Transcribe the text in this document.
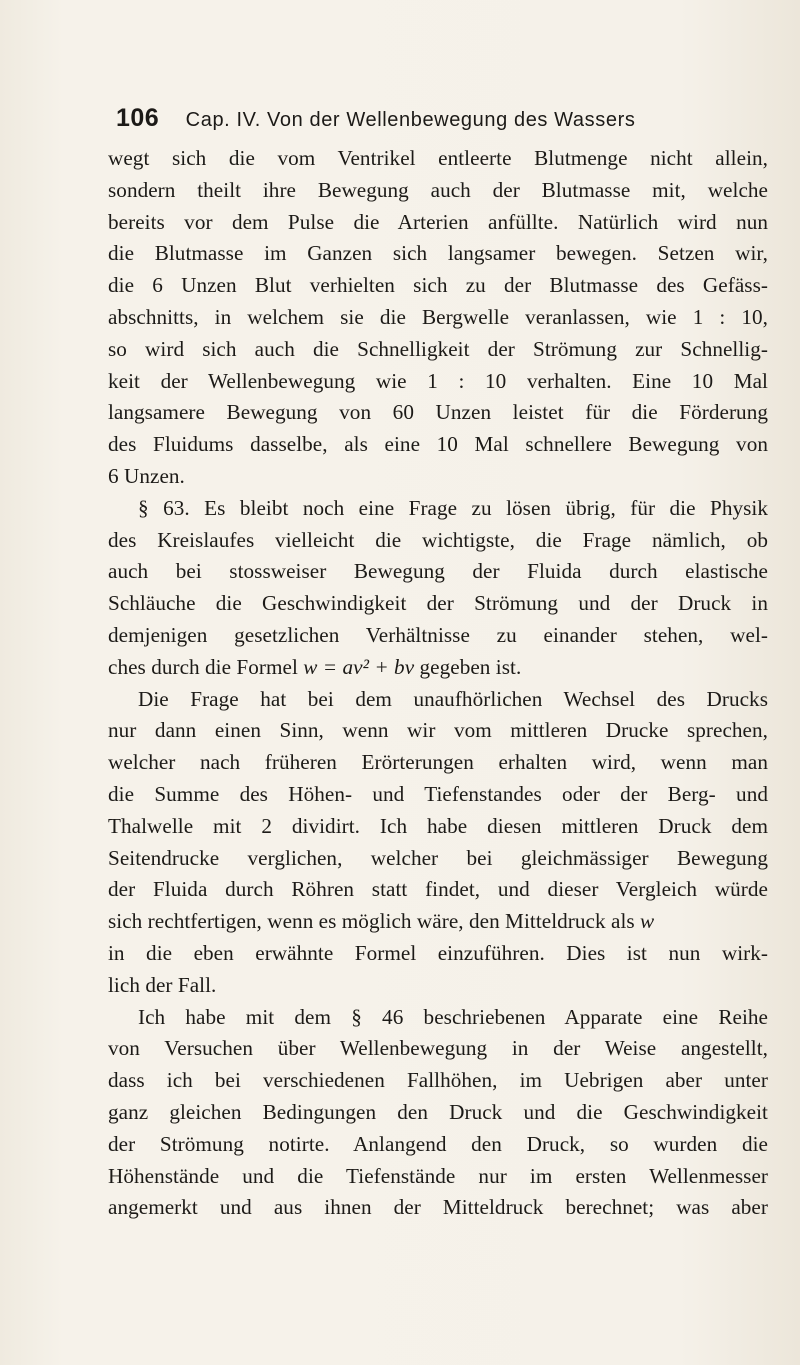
106 Cap. IV. Von der Wellenbewegung des Wassers
wegt sich die vom Ventrikel entleerte Blutmenge nicht allein,
sondern theilt ihre Bewegung auch der Blutmasse mit, welche
bereits vor dem Pulse die Arterien anfüllte. Natürlich wird nun
die Blutmasse im Ganzen sich langsamer bewegen. Setzen wir,
die 6 Unzen Blut verhielten sich zu der Blutmasse des Gefäss-
abschnitts, in welchem sie die Bergwelle veranlassen, wie 1 : 10,
so wird sich auch die Schnelligkeit der Strömung zur Schnellig-
keit der Wellenbewegung wie 1 : 10 verhalten. Eine 10 Mal
langsamere Bewegung von 60 Unzen leistet für die Förderung
des Fluidums dasselbe, als eine 10 Mal schnellere Bewegung von
6 Unzen.
§ 63. Es bleibt noch eine Frage zu lösen übrig, für die Physik
des Kreislaufes vielleicht die wichtigste, die Frage nämlich, ob
auch bei stossweiser Bewegung der Fluida durch elastische
Schläuche die Geschwindigkeit der Strömung und der Druck in
demjenigen gesetzlichen Verhältnisse zu einander stehen, wel-
ches durch die Formel w = av² + bv gegeben ist.
Die Frage hat bei dem unaufhörlichen Wechsel des Drucks
nur dann einen Sinn, wenn wir vom mittleren Drucke sprechen,
welcher nach früheren Erörterungen erhalten wird, wenn man
die Summe des Höhen- und Tiefenstandes oder der Berg- und
Thalwelle mit 2 dividirt. Ich habe diesen mittleren Druck dem
Seitendrucke verglichen, welcher bei gleichmässiger Bewegung
der Fluida durch Röhren statt findet, und dieser Vergleich würde
sich rechtfertigen, wenn es möglich wäre, den Mitteldruck als w
in die eben erwähnte Formel einzuführen. Dies ist nun wirk-
lich der Fall.
Ich habe mit dem § 46 beschriebenen Apparate eine Reihe
von Versuchen über Wellenbewegung in der Weise angestellt,
dass ich bei verschiedenen Fallhöhen, im Uebrigen aber unter
ganz gleichen Bedingungen den Druck und die Geschwindigkeit
der Strömung notirte. Anlangend den Druck, so wurden die
Höhenstände und die Tiefenstände nur im ersten Wellenmesser
angemerkt und aus ihnen der Mitteldruck berechnet; was aber
